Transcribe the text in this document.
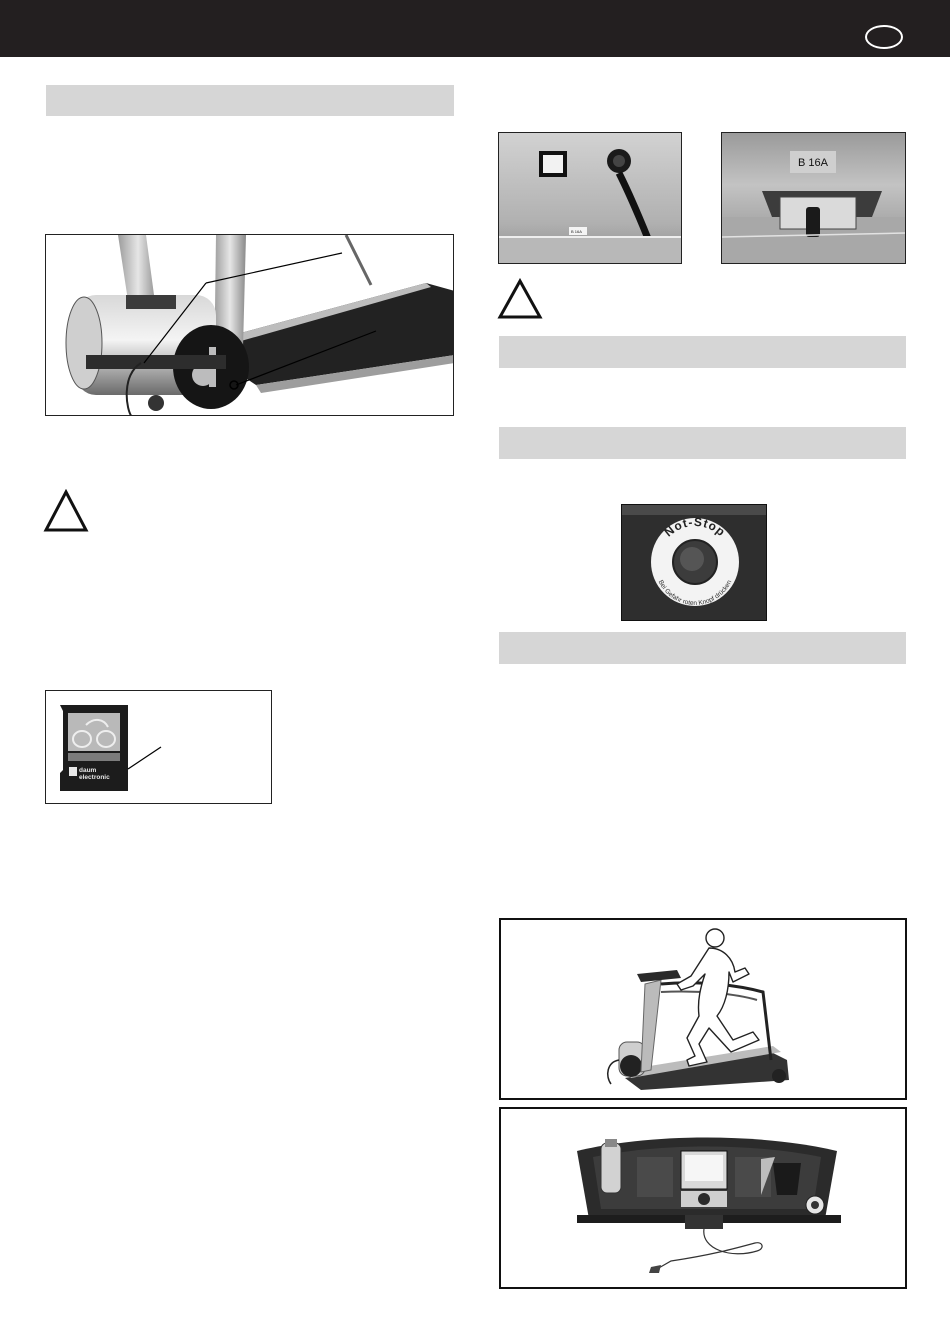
daum
electronic
B 16A
B 16A
Not-Stop
Bei Gefahr roten Knopf drücken
